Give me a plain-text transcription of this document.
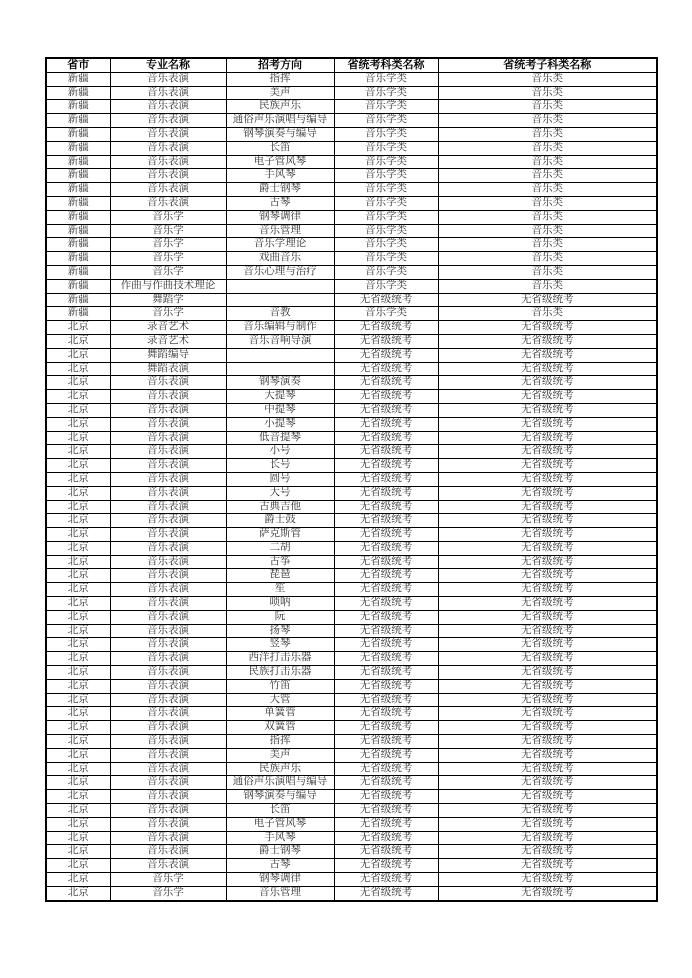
省市	专业名称	招考方向	省统考科类名称	省统考子科类名称
新疆	音乐表演	指挥	音乐学类	音乐类
新疆	音乐表演	美声	音乐学类	音乐类
新疆	音乐表演	民族声乐	音乐学类	音乐类
新疆	音乐表演	通俗声乐演唱与编导	音乐学类	音乐类
新疆	音乐表演	钢琴演奏与编导	音乐学类	音乐类
新疆	音乐表演	长笛	音乐学类	音乐类
新疆	音乐表演	电子管风琴	音乐学类	音乐类
新疆	音乐表演	手风琴	音乐学类	音乐类
新疆	音乐表演	爵士钢琴	音乐学类	音乐类
新疆	音乐表演	古琴	音乐学类	音乐类
新疆	音乐学	钢琴调律	音乐学类	音乐类
新疆	音乐学	音乐管理	音乐学类	音乐类
新疆	音乐学	音乐学理论	音乐学类	音乐类
新疆	音乐学	戏曲音乐	音乐学类	音乐类
新疆	音乐学	音乐心理与治疗	音乐学类	音乐类
新疆	作曲与作曲技术理论		音乐学类	音乐类
新疆	舞蹈学		无省级统考	无省级统考
新疆	音乐学	音教	音乐学类	音乐类
北京	录音艺术	音乐编辑与制作	无省级统考	无省级统考
北京	录音艺术	音乐音响导演	无省级统考	无省级统考
北京	舞蹈编导		无省级统考	无省级统考
北京	舞蹈表演		无省级统考	无省级统考
北京	音乐表演	钢琴演奏	无省级统考	无省级统考
北京	音乐表演	大提琴	无省级统考	无省级统考
北京	音乐表演	中提琴	无省级统考	无省级统考
北京	音乐表演	小提琴	无省级统考	无省级统考
北京	音乐表演	低音提琴	无省级统考	无省级统考
北京	音乐表演	小号	无省级统考	无省级统考
北京	音乐表演	长号	无省级统考	无省级统考
北京	音乐表演	圆号	无省级统考	无省级统考
北京	音乐表演	大号	无省级统考	无省级统考
北京	音乐表演	古典吉他	无省级统考	无省级统考
北京	音乐表演	爵士鼓	无省级统考	无省级统考
北京	音乐表演	萨克斯管	无省级统考	无省级统考
北京	音乐表演	二胡	无省级统考	无省级统考
北京	音乐表演	古筝	无省级统考	无省级统考
北京	音乐表演	琵琶	无省级统考	无省级统考
北京	音乐表演	笙	无省级统考	无省级统考
北京	音乐表演	唢呐	无省级统考	无省级统考
北京	音乐表演	阮	无省级统考	无省级统考
北京	音乐表演	扬琴	无省级统考	无省级统考
北京	音乐表演	竖琴	无省级统考	无省级统考
北京	音乐表演	西洋打击乐器	无省级统考	无省级统考
北京	音乐表演	民族打击乐器	无省级统考	无省级统考
北京	音乐表演	竹笛	无省级统考	无省级统考
北京	音乐表演	大管	无省级统考	无省级统考
北京	音乐表演	单簧管	无省级统考	无省级统考
北京	音乐表演	双簧管	无省级统考	无省级统考
北京	音乐表演	指挥	无省级统考	无省级统考
北京	音乐表演	美声	无省级统考	无省级统考
北京	音乐表演	民族声乐	无省级统考	无省级统考
北京	音乐表演	通俗声乐演唱与编导	无省级统考	无省级统考
北京	音乐表演	钢琴演奏与编导	无省级统考	无省级统考
北京	音乐表演	长笛	无省级统考	无省级统考
北京	音乐表演	电子管风琴	无省级统考	无省级统考
北京	音乐表演	手风琴	无省级统考	无省级统考
北京	音乐表演	爵士钢琴	无省级统考	无省级统考
北京	音乐表演	古琴	无省级统考	无省级统考
北京	音乐学	钢琴调律	无省级统考	无省级统考
北京	音乐学	音乐管理	无省级统考	无省级统考
